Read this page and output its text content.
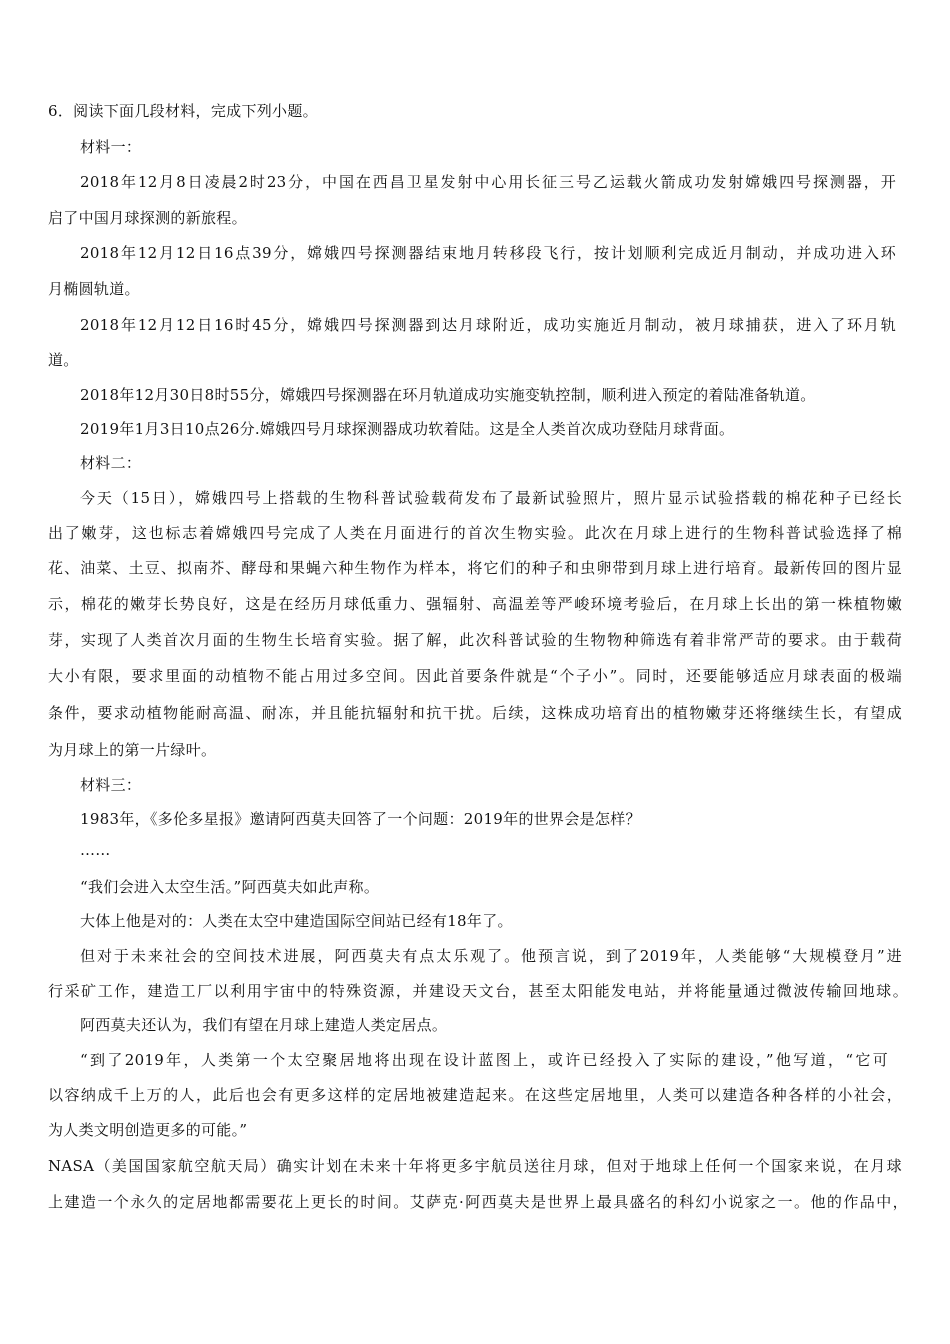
6．阅读下面几段材料，完成下列小题。
材料一：
2018年12月8日凌晨2时23分，中国在西昌卫星发射中心用长征三号乙运载火箭成功发射嫦娥四号探测器，开
启了中国月球探测的新旅程。
2018年12月12日16点39分，嫦娥四号探测器结束地月转移段飞行，按计划顺利完成近月制动，并成功进入环
月椭圆轨道。
2018年12月12日16时45分，嫦娥四号探测器到达月球附近，成功实施近月制动，被月球捕获，进入了环月轨
道。
2018年12月30日8时55分，嫦娥四号探测器在环月轨道成功实施变轨控制，顺利进入预定的着陆准备轨道。
2019年1月3日10点26分.嫦娥四号月球探测器成功软着陆。这是全人类首次成功登陆月球背面。
材料二：
今天（15日），嫦娥四号上搭载的生物科普试验载荷发布了最新试验照片，照片显示试验搭载的棉花种子已经长
出了嫩芽，这也标志着嫦娥四号完成了人类在月面进行的首次生物实验。此次在月球上进行的生物科普试验选择了棉
花、油菜、土豆、拟南芥、酵母和果蝇六种生物作为样本，将它们的种子和虫卵带到月球上进行培育。最新传回的图片显
示，棉花的嫩芽长势良好，这是在经历月球低重力、强辐射、高温差等严峻环境考验后，在月球上长出的第一株植物嫩
芽，实现了人类首次月面的生物生长培育实验。据了解，此次科普试验的生物物种筛选有着非常严苛的要求。由于载荷
大小有限，要求里面的动植物不能占用过多空间。因此首要条件就是“个子小”。同时，还要能够适应月球表面的极端
条件，要求动植物能耐高温、耐冻，并且能抗辐射和抗干扰。后续，这株成功培育出的植物嫩芽还将继续生长，有望成
为月球上的第一片绿叶。
材料三：
1983年，《多伦多星报》邀请阿西莫夫回答了一个问题：2019年的世界会是怎样？
……
“我们会进入太空生活。”阿西莫夫如此声称。
大体上他是对的：人类在太空中建造国际空间站已经有18年了。
但对于未来社会的空间技术进展，阿西莫夫有点太乐观了。他预言说，到了2019年，人类能够“大规模登月”进
行采矿工作，建造工厂以利用宇宙中的特殊资源，并建设天文台，甚至太阳能发电站，并将能量通过微波传输回地球。
阿西莫夫还认为，我们有望在月球上建造人类定居点。
“到了2019年，人类第一个太空聚居地将出现在设计蓝图上，或许已经投入了实际的建设，”他写道，“它可
以容纳成千上万的人，此后也会有更多这样的定居地被建造起来。在这些定居地里，人类可以建造各种各样的小社会，
为人类文明创造更多的可能。”
NASA（美国国家航空航天局）确实计划在未来十年将更多宇航员送往月球，但对于地球上任何一个国家来说，在月球
上建造一个永久的定居地都需要花上更长的时间。艾萨克·阿西莫夫是世界上最具盛名的科幻小说家之一。他的作品中，
